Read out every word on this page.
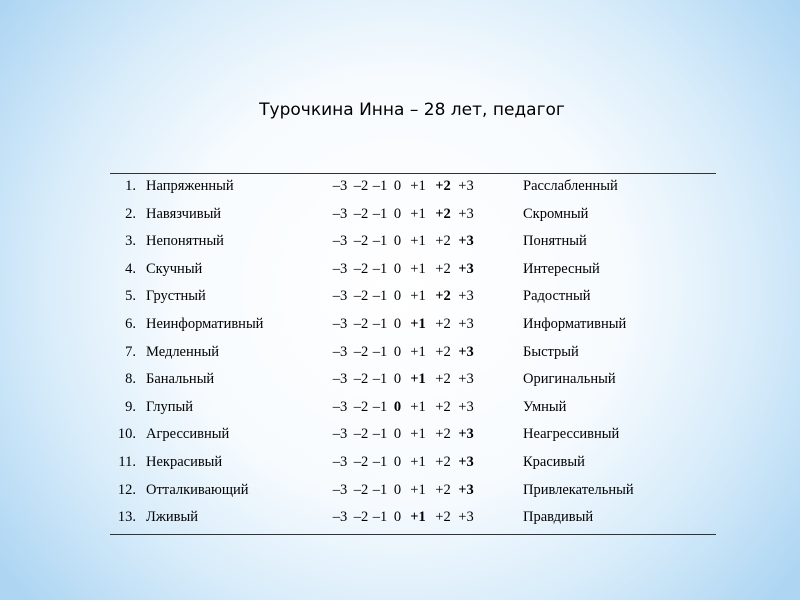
Турочкина Инна – 28 лет, педагог
1. Напряженный	–3 –2 –1 0 +1 +2 +3	Расслабленный
2. Навязчивый	–3 –2 –1 0 +1 +2 +3	Скромный
3. Непонятный	–3 –2 –1 0 +1 +2 +3	Понятный
4. Скучный	–3 –2 –1 0 +1 +2 +3	Интересный
5. Грустный	–3 –2 –1 0 +1 +2 +3	Радостный
6. Неинформативный	–3 –2 –1 0 +1 +2 +3	Информативный
7. Медленный	–3 –2 –1 0 +1 +2 +3	Быстрый
8. Банальный	–3 –2 –1 0 +1 +2 +3	Оригинальный
9. Глупый	–3 –2 –1 0 +1 +2 +3	Умный
10. Агрессивный	–3 –2 –1 0 +1 +2 +3	Неагрессивный
11. Некрасивый	–3 –2 –1 0 +1 +2 +3	Красивый
12. Отталкивающий	–3 –2 –1 0 +1 +2 +3	Привлекательный
13. Лживый	–3 –2 –1 0 +1 +2 +3	Правдивый
